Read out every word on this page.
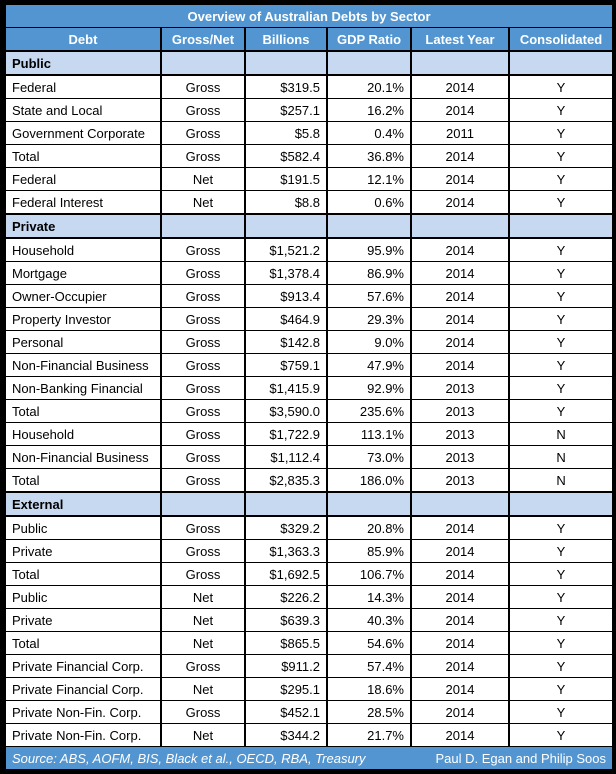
Overview of Australian Debts by Sector					
Debt	Gross/Net	Billions	GDP Ratio	Latest Year	Consolidated
Public					
Federal	Gross	$319.5	20.1%	2014	Y
State and Local	Gross	$257.1	16.2%	2014	Y
Government Corporate	Gross	$5.8	0.4%	2011	Y
Total	Gross	$582.4	36.8%	2014	Y
Federal	Net	$191.5	12.1%	2014	Y
Federal Interest	Net	$8.8	0.6%	2014	Y
Private					
Household	Gross	$1,521.2	95.9%	2014	Y
Mortgage	Gross	$1,378.4	86.9%	2014	Y
Owner-Occupier	Gross	$913.4	57.6%	2014	Y
Property Investor	Gross	$464.9	29.3%	2014	Y
Personal	Gross	$142.8	9.0%	2014	Y
Non-Financial Business	Gross	$759.1	47.9%	2014	Y
Non-Banking Financial	Gross	$1,415.9	92.9%	2013	Y
Total	Gross	$3,590.0	235.6%	2013	Y
Household	Gross	$1,722.9	113.1%	2013	N
Non-Financial Business	Gross	$1,112.4	73.0%	2013	N
Total	Gross	$2,835.3	186.0%	2013	N
External					
Public	Gross	$329.2	20.8%	2014	Y
Private	Gross	$1,363.3	85.9%	2014	Y
Total	Gross	$1,692.5	106.7%	2014	Y
Public	Net	$226.2	14.3%	2014	Y
Private	Net	$639.3	40.3%	2014	Y
Total	Net	$865.5	54.6%	2014	Y
Private Financial Corp.	Gross	$911.2	57.4%	2014	Y
Private Financial Corp.	Net	$295.1	18.6%	2014	Y
Private Non-Fin. Corp.	Gross	$452.1	28.5%	2014	Y
Private Non-Fin. Corp.	Net	$344.2	21.7%	2014	Y

Source: ABS, AOFM, BIS, Black et al., OECD, RBA, Treasury Paul D. Egan and Philip Soos					
